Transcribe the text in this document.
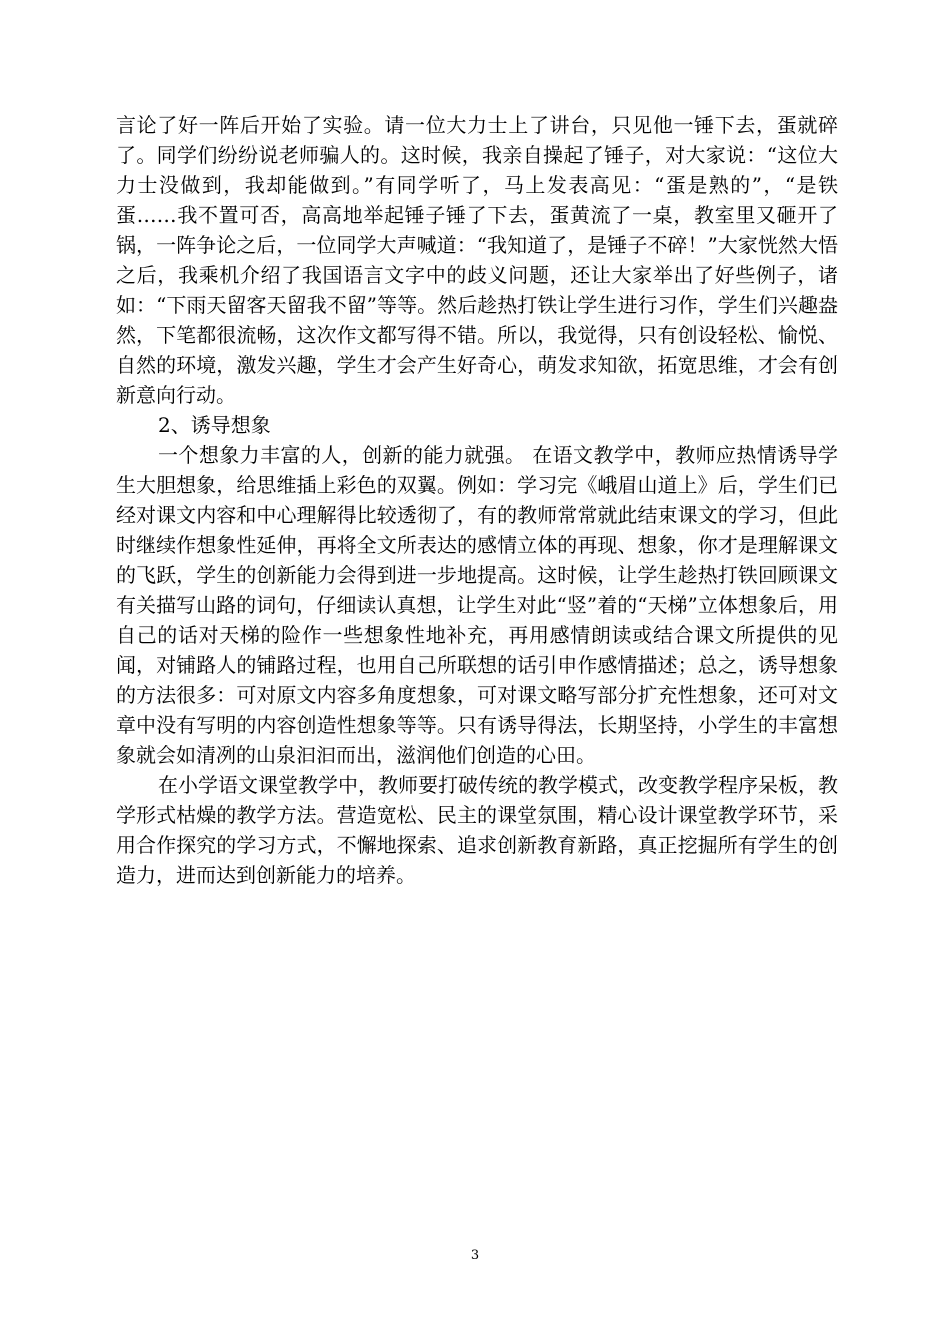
言论了好一阵后开始了实验。请一位大力士上了讲台，只见他一锤下去，蛋就碎了。同学们纷纷说老师骗人的。这时候，我亲自操起了锤子，对大家说：“这位大力士没做到，我却能做到。”有同学听了，马上发表高见：“蛋是熟的”，“是铁蛋……我不置可否，高高地举起锤子锤了下去，蛋黄流了一桌，教室里又砸开了锅，一阵争论之后，一位同学大声喊道：“我知道了，是锤子不碎！”大家恍然大悟之后，我乘机介绍了我国语言文字中的歧义问题，还让大家举出了好些例子，诸如：“下雨天留客天留我不留”等等。然后趁热打铁让学生进行习作，学生们兴趣盎然，下笔都很流畅，这次作文都写得不错。所以，我觉得，只有创设轻松、愉悦、自然的环境，激发兴趣，学生才会产生好奇心，萌发求知欲，拓宽思维，才会有创新意向行动。

2、诱导想象

一个想象力丰富的人，创新的能力就强。 在语文教学中，教师应热情诱导学生大胆想象，给思维插上彩色的双翼。例如：学习完《峨眉山道上》后，学生们已经对课文内容和中心理解得比较透彻了，有的教师常常就此结束课文的学习，但此时继续作想象性延伸，再将全文所表达的感情立体的再现、想象，你才是理解课文的飞跃，学生的创新能力会得到进一步地提高。这时候，让学生趁热打铁回顾课文有关描写山路的词句，仔细读认真想，让学生对此“竖”着的“天梯”立体想象后，用自己的话对天梯的险作一些想象性地补充，再用感情朗读或结合课文所提供的见闻，对铺路人的铺路过程，也用自己所联想的话引申作感情描述；总之，诱导想象的方法很多：可对原文内容多角度想象，可对课文略写部分扩充性想象，还可对文章中没有写明的内容创造性想象等等。只有诱导得法，长期坚持，小学生的丰富想象就会如清冽的山泉汩汩而出，滋润他们创造的心田。

在小学语文课堂教学中，教师要打破传统的教学模式，改变教学程序呆板，教学形式枯燥的教学方法。营造宽松、民主的课堂氛围，精心设计课堂教学环节，采用合作探究的学习方式，不懈地探索、追求创新教育新路，真正挖掘所有学生的创造力，进而达到创新能力的培养。

3
